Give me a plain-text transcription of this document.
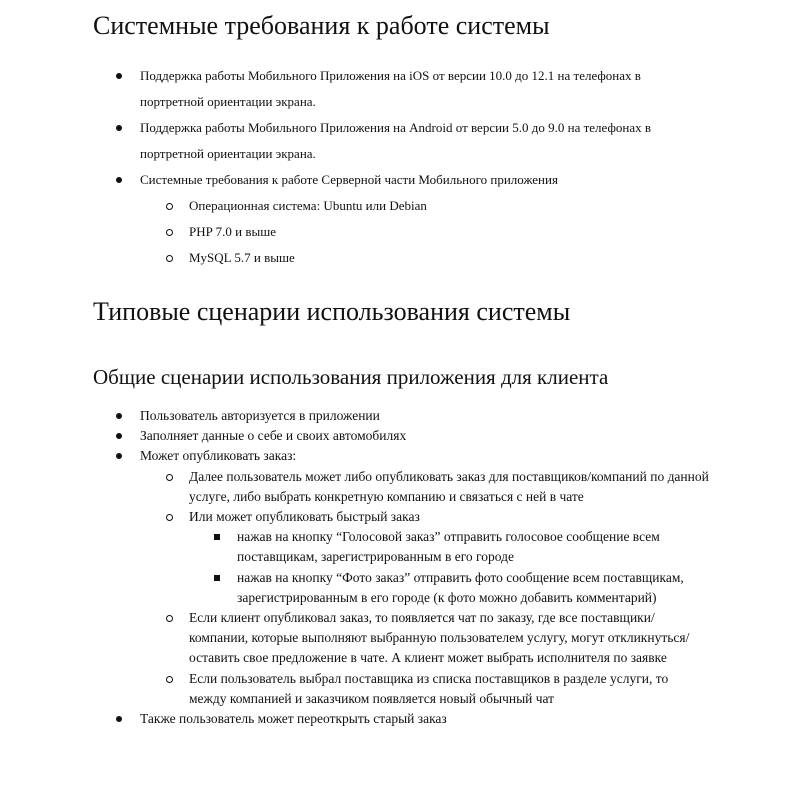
Системные требования к работе системы
Поддержка работы Мобильного Приложения на iOS от версии 10.0 до 12.1 на телефонах в портретной ориентации экрана.
Поддержка работы Мобильного Приложения на Android от версии 5.0 до 9.0 на телефонах в портретной ориентации экрана.
Системные требования к работе Серверной части Мобильного приложения
Операционная система: Ubuntu или Debian
PHP 7.0 и выше
MySQL 5.7 и выше
Типовые сценарии использования системы
Общие сценарии использования приложения для клиента
Пользователь авторизуется в приложении
Заполняет данные о себе и своих автомобилях
Может опубликовать заказ:
Далее пользователь может либо опубликовать заказ для поставщиков/компаний по данной услуге, либо выбрать конкретную компанию и связаться с ней в чате
Или может опубликовать быстрый заказ
нажав на кнопку “Голосовой заказ” отправить голосовое сообщение всем поставщикам, зарегистрированным в его городе
нажав на кнопку “Фото заказ” отправить фото сообщение всем поставщикам, зарегистрированным в его городе (к фото можно добавить комментарий)
Если клиент опубликовал заказ, то появляется чат по заказу, где все поставщики/компании, которые выполняют выбранную пользователем услугу, могут откликнуться/оставить свое предложение в чате. А клиент может выбрать исполнителя по заявке
Если пользователь выбрал поставщика из списка поставщиков в разделе услуги, то между компанией и заказчиком появляется новый обычный чат
Также пользователь может переоткрыть старый заказ
